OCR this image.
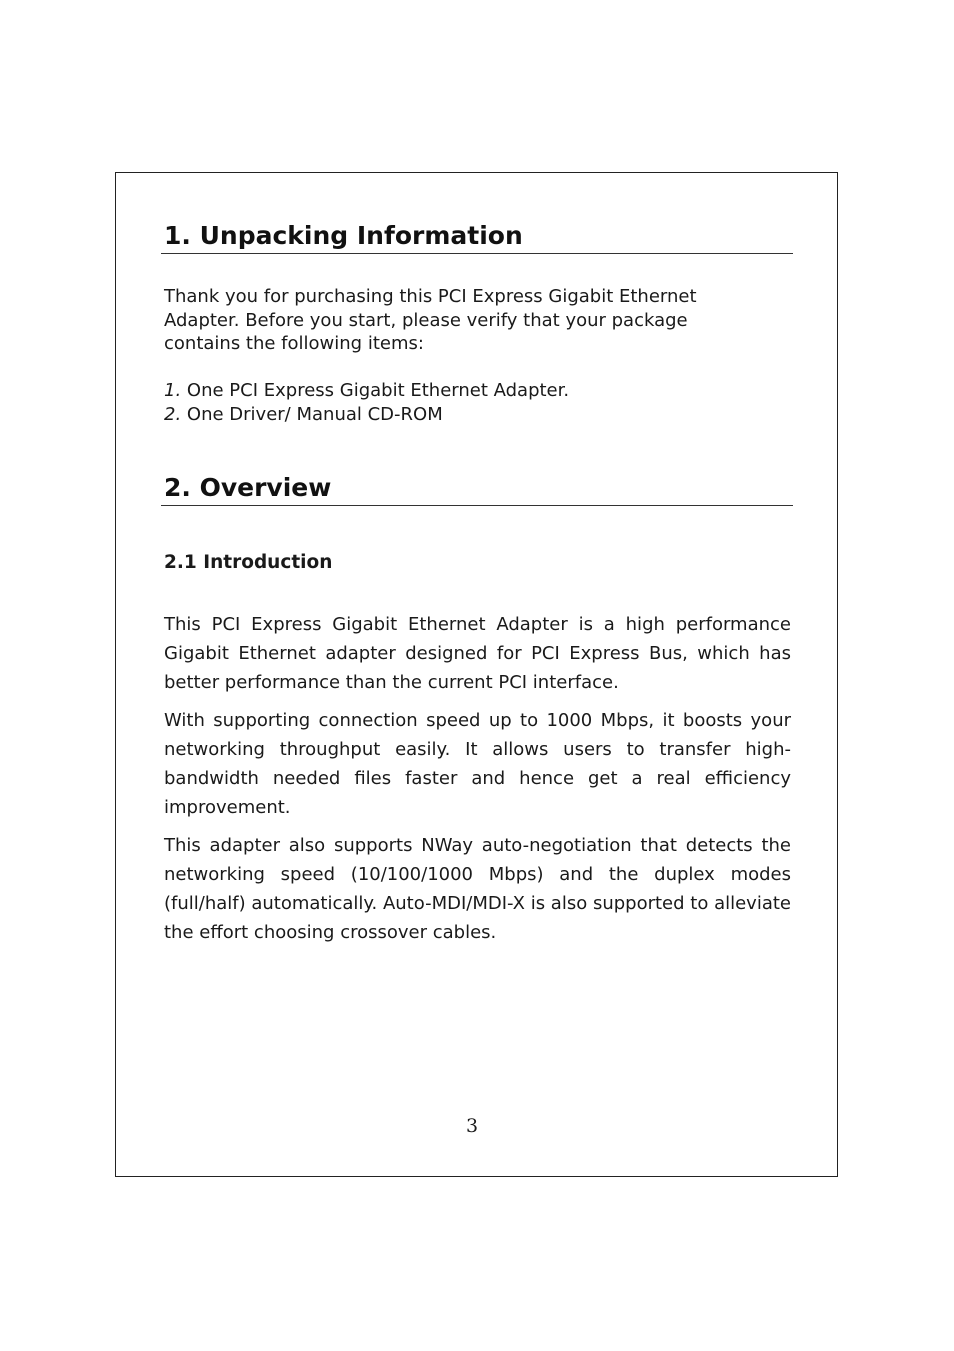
1. Unpacking Information

Thank you for purchasing this PCI Express Gigabit Ethernet

Adapter. Before you start, please verify that your package

contains the following items:

1. One PCI Express Gigabit Ethernet Adapter.
2. One Driver/ Manual CD-ROM
2. Overview
2.1 Introduction

This PCI Express Gigabit Ethernet Adapter is a high performance Gigabit Ethernet adapter designed for PCI Express Bus, which has better performance than the current PCI interface.

With supporting connection speed up to 1000 Mbps, it boosts your networking throughput easily. It allows users to transfer high-bandwidth needed files faster and hence get a real efficiency improvement.

This adapter also supports NWay auto-negotiation that detects the networking speed (10/100/1000 Mbps) and the duplex modes (full/half) automatically. Auto-MDI/MDI-X is also supported to alleviate the effort choosing crossover cables.

3
